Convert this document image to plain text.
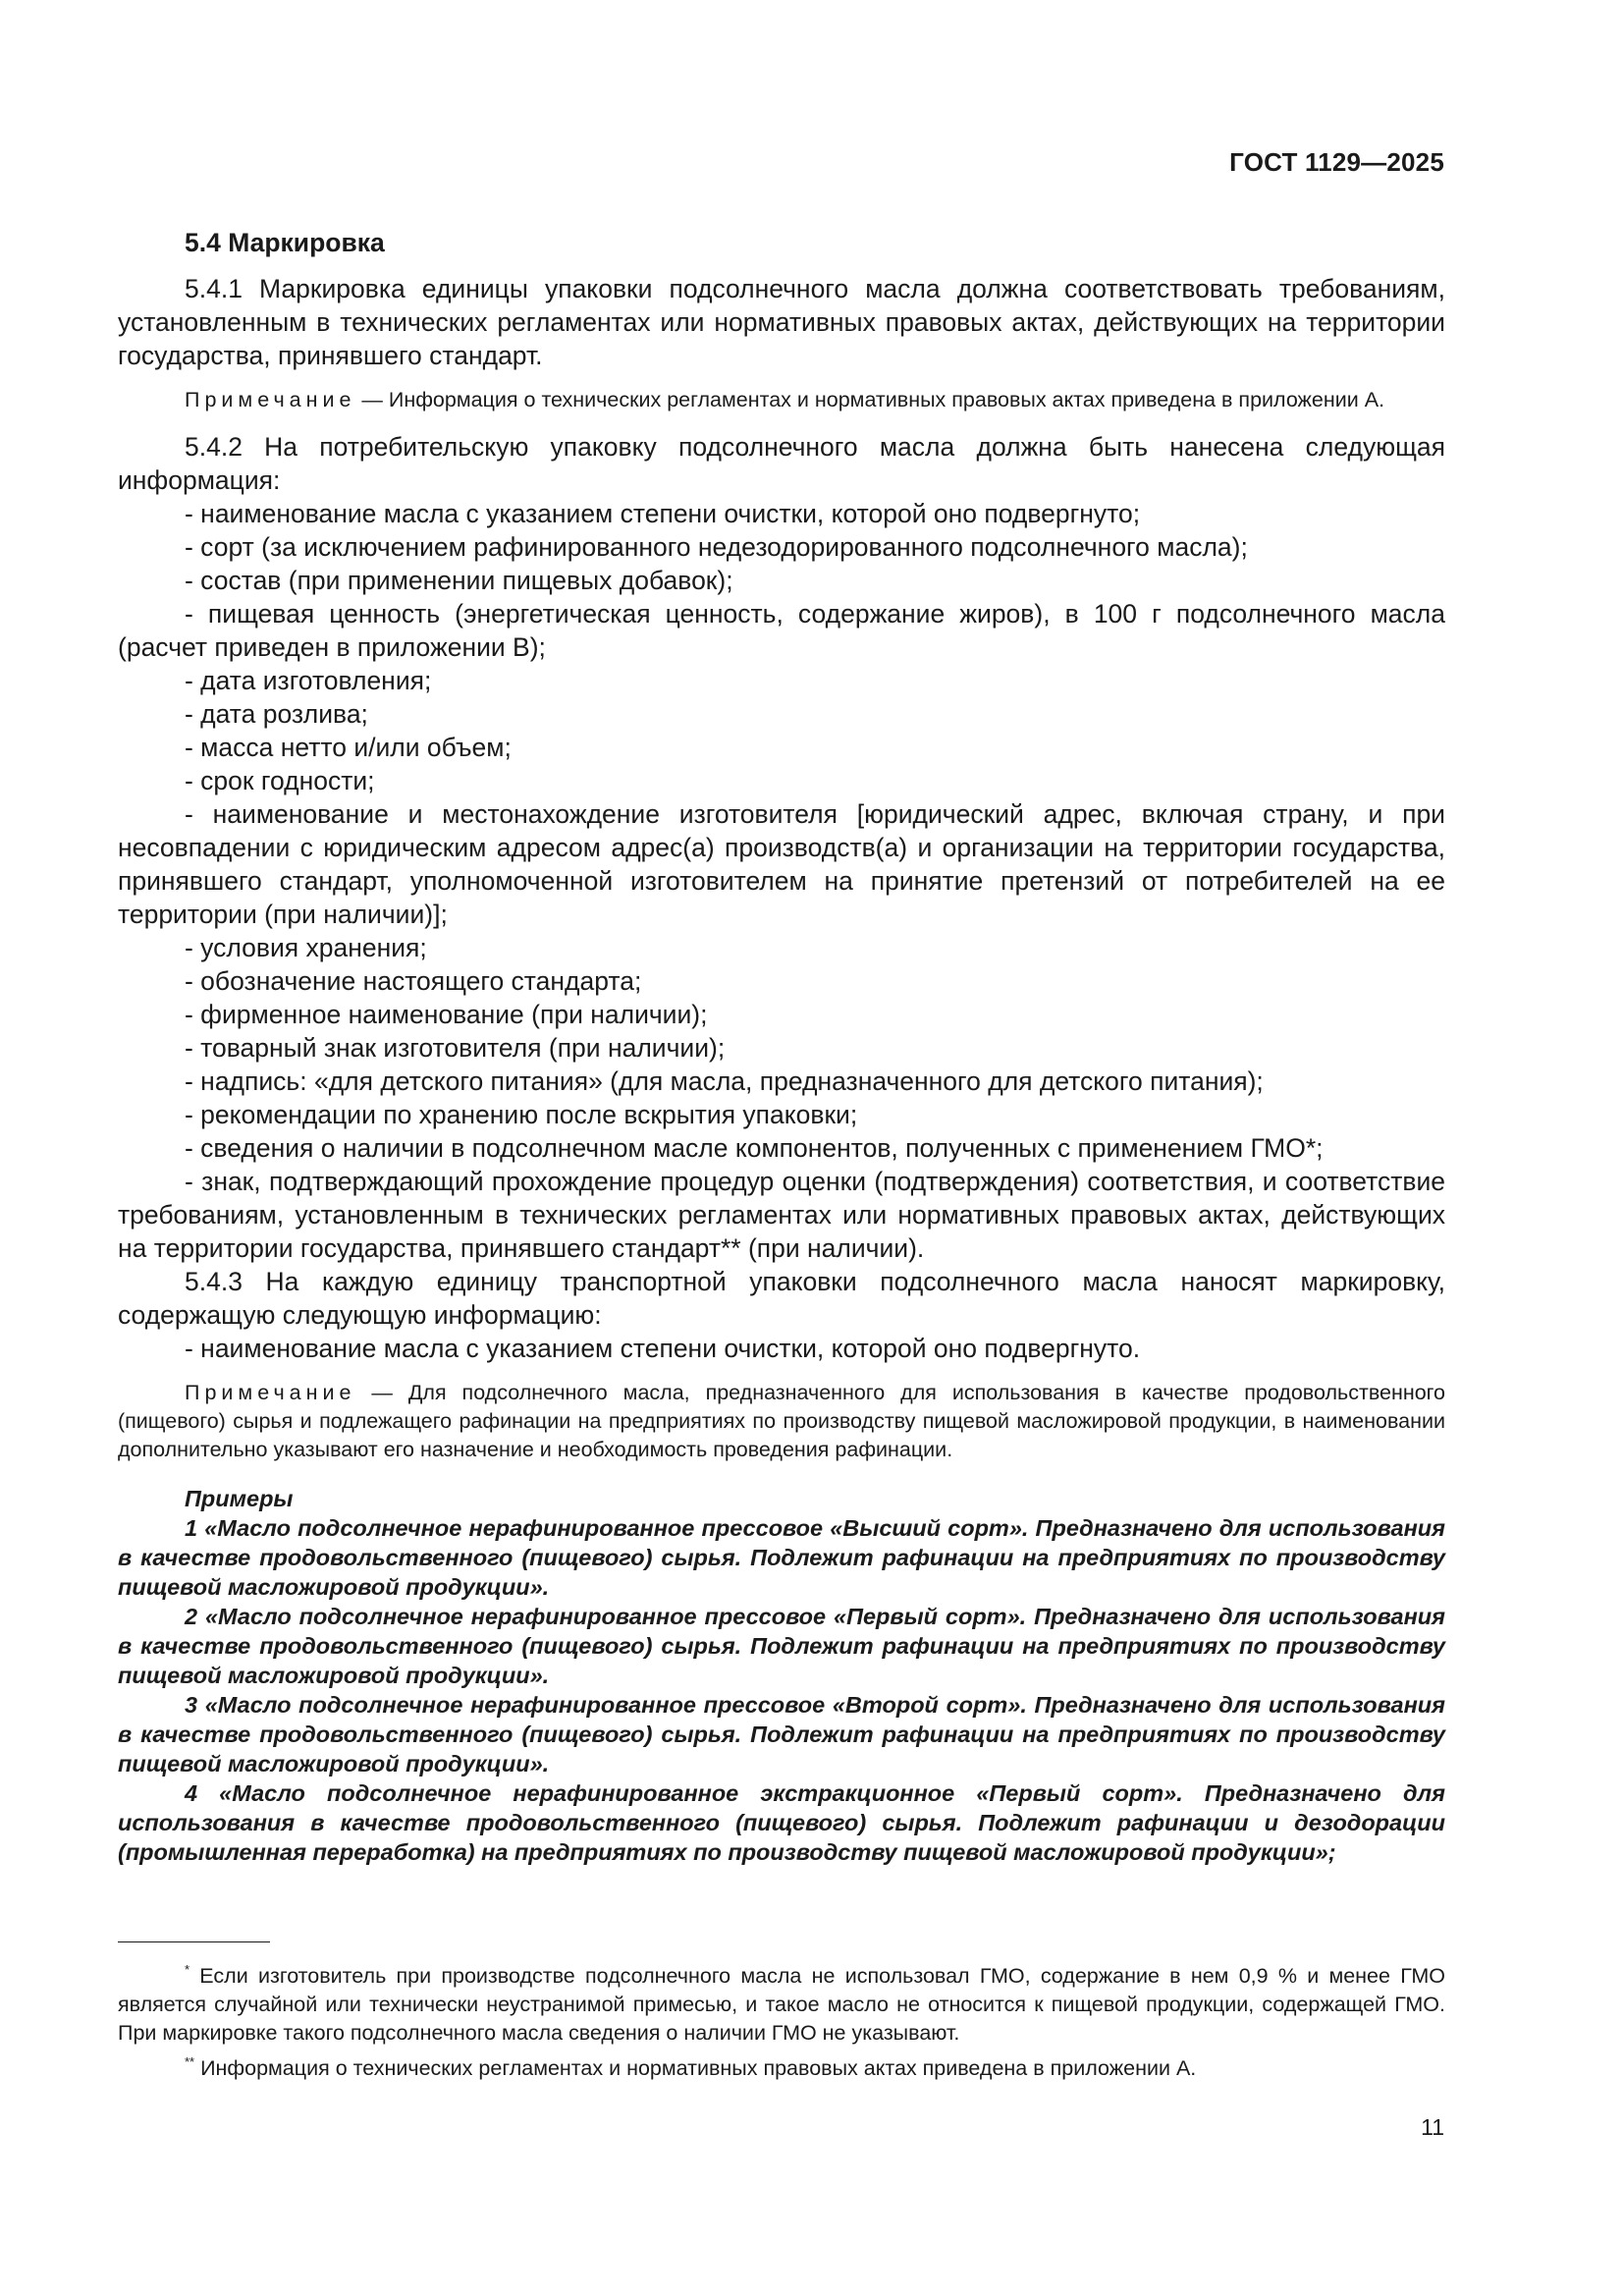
ГОСТ 1129—2025

5.4 Маркировка

5.4.1 Маркировка единицы упаковки подсолнечного масла должна соответствовать требованиям, установленным в технических регламентах или нормативных правовых актах, действующих на территории государства, принявшего стандарт.

Примечание — Информация о технических регламентах и нормативных правовых актах приведена в приложении А.

5.4.2 На потребительскую упаковку подсолнечного масла должна быть нанесена следующая информация:

- наименование масла с указанием степени очистки, которой оно подвергнуто;

- сорт (за исключением рафинированного недезодорированного подсолнечного масла);

- состав (при применении пищевых добавок);

- пищевая ценность (энергетическая ценность, содержание жиров), в 100 г подсолнечного масла (расчет приведен в приложении В);

- дата изготовления;

- дата розлива;

- масса нетто и/или объем;

- срок годности;

- наименование и местонахождение изготовителя [юридический адрес, включая страну, и при несовпадении с юридическим адресом адрес(а) производств(а) и организации на территории государства, принявшего стандарт, уполномоченной изготовителем на принятие претензий от потребителей на ее территории (при наличии)];

- условия хранения;

- обозначение настоящего стандарта;

- фирменное наименование (при наличии);

- товарный знак изготовителя (при наличии);

- надпись: «для детского питания» (для масла, предназначенного для детского питания);

- рекомендации по хранению после вскрытия упаковки;

- сведения о наличии в подсолнечном масле компонентов, полученных с применением ГМО*;

- знак, подтверждающий прохождение процедур оценки (подтверждения) соответствия, и соответствие требованиям, установленным в технических регламентах или нормативных правовых актах, действующих на территории государства, принявшего стандарт** (при наличии).

5.4.3 На каждую единицу транспортной упаковки подсолнечного масла наносят маркировку, содержащую следующую информацию:

- наименование масла с указанием степени очистки, которой оно подвергнуто.

Примечание — Для подсолнечного масла, предназначенного для использования в качестве продовольственного (пищевого) сырья и подлежащего рафинации на предприятиях по производству пищевой масложировой продукции, в наименовании дополнительно указывают его назначение и необходимость проведения рафинации.

Примеры

1 «Масло подсолнечное нерафинированное прессовое «Высший сорт». Предназначено для использования в качестве продовольственного (пищевого) сырья. Подлежит рафинации на предприятиях по производству пищевой масложировой продукции».

2 «Масло подсолнечное нерафинированное прессовое «Первый сорт». Предназначено для использования в качестве продовольственного (пищевого) сырья. Подлежит рафинации на предприятиях по производству пищевой масложировой продукции».

3 «Масло подсолнечное нерафинированное прессовое «Второй сорт». Предназначено для использования в качестве продовольственного (пищевого) сырья. Подлежит рафинации на предприятиях по производству пищевой масложировой продукции».

4 «Масло подсолнечное нерафинированное экстракционное «Первый сорт». Предназначено для использования в качестве продовольственного (пищевого) сырья. Подлежит рафинации и дезодорации (промышленная переработка) на предприятиях по производству пищевой масложировой продукции»;

* Если изготовитель при производстве подсолнечного масла не использовал ГМО, содержание в нем 0,9 % и менее ГМО является случайной или технически неустранимой примесью, и такое масло не относится к пищевой продукции, содержащей ГМО. При маркировке такого подсолнечного масла сведения о наличии ГМО не указывают.

** Информация о технических регламентах и нормативных правовых актах приведена в приложении А.

11
